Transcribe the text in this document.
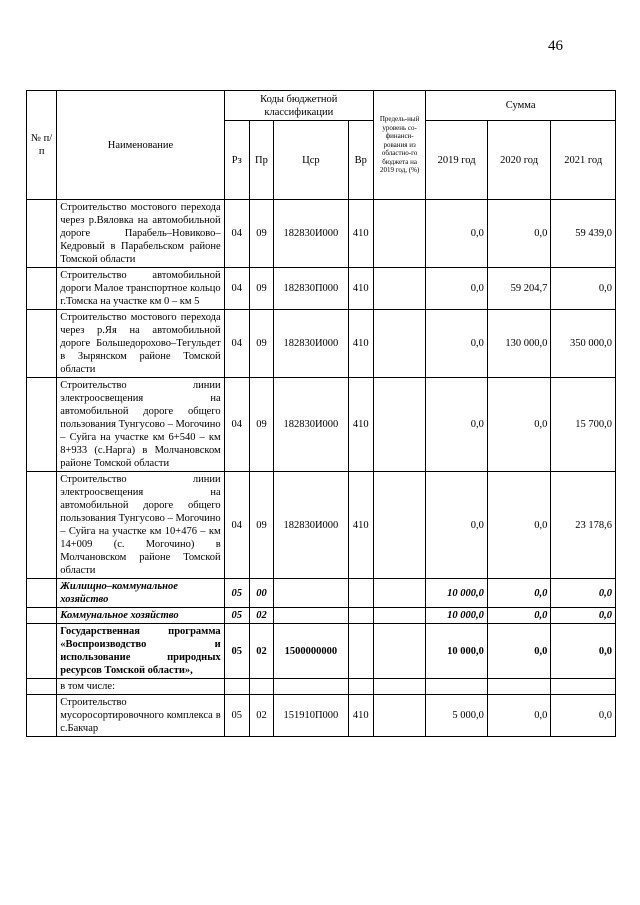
46
№ п/п	Наименование	Коды бюджетной классификации				Предель-ный уровень со-финанси-рования из областно-го бюджета на 2019 год, (%)	Сумма		
		Рз	Пр	Цср	Вр		2019 год	2020 год	2021 год
	Строительство мостового перехода через р.Вяловка на автомобильной дороге Парабель–Новиково–Кедровый в Парабельском районе Томской области	04	09	182830И000	410		0,0	0,0	59 439,0
	Строительство автомобильной дороги Малое транспортное кольцо г.Томска на участке км 0 – км 5	04	09	182830П000	410		0,0	59 204,7	0,0
	Строительство мостового перехода через р.Яя на автомобильной дороге Большедорохово–Тегульдет в Зырянском районе Томской области	04	09	182830И000	410		0,0	130 000,0	350 000,0
	Строительство линии электроосвещения на автомобильной дороге общего пользования Тунгусово – Могочино – Суйга на участке км 6+540 – км 8+933 (с.Нарга) в Молчановском районе Томской области	04	09	182830И000	410		0,0	0,0	15 700,0
	Строительство линии электроосвещения на автомобильной дороге общего пользования Тунгусово – Могочино – Суйга на участке км 10+476 – км 14+009 (с. Могочино) в Молчановском районе Томской области	04	09	182830И000	410		0,0	0,0	23 178,6
	Жилищно–коммунальное хозяйство	05	00				10 000,0	0,0	0,0
	Коммунальное хозяйство	05	02				10 000,0	0,0	0,0
	Государственная программа «Воспроизводство и использование природных ресурсов Томской области»,	05	02	1500000000			10 000,0	0,0	0,0
	в том числе:								
	Строительство мусоросортировочного комплекса в с.Бакчар	05	02	151910П000	410		5 000,0	0,0	0,0
